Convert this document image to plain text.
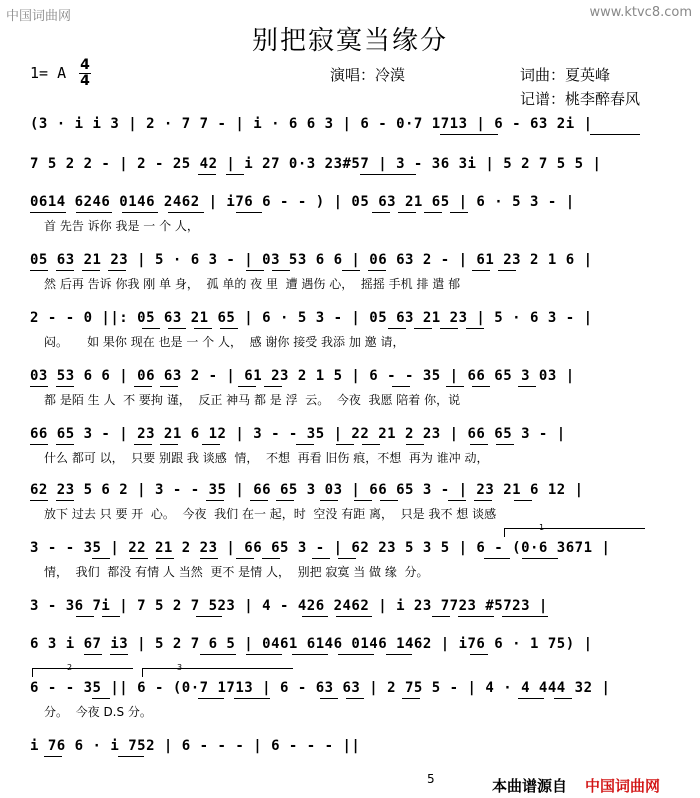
中国词曲网	www.ktvc8.com
别把寂寞当缘分
1= A 4
4	演唱：冷漠	词曲：夏英峰
记谱：桃李醉春风
(3 · i i 3 | 2 · 7 7 - | i · 6 6 3 | 6 - 0·7 1713 | 6 - 63 2i |
7 5 2 2 - | 2 - 25 42 | i 27 0·3 23#57 | 3 - 36 3i | 5 2 7 5 5 |
0614 6246 0146 2462 | i76 6 - - ) | 05 63 21 65 | 6 · 5 3 - |
首 先告 诉你 我是 一 个 人，
05 63 21 23 | 5 · 6 3 - | 03 53 6 6 | 06 63 2 - | 61 23 2 1 6 |
然 后再 告诉 你我 刚 单 身，  孤 单的 夜 里  遭 遇伤 心，  摇摇 手机 排 遣 郁
2 - - 0 ||: 05 63 21 65 | 6 · 5 3 - | 05 63 21 23 | 5 · 6 3 - |
闷。     如 果你 现在 也是 一 个 人，  感 谢你 接受 我添 加 邀 请，
03 53 6 6 | 06 63 2 - | 61 23 2 1 5 | 6 - - 35 | 66 65 3 03 |
都 是陌 生 人  不 要拘 谨，  反正 神马 都 是 浮  云。  今夜  我愿 陪着 你，说
66 65 3 - | 23 21 6 12 | 3 - - 35 | 22 21 2 23 | 66 65 3 - |
什么 都可 以，  只要 别跟 我 谈感  情，  不想  再看 旧伤 痕，不想  再为 谁冲 动，
62 23 5 6 2 | 3 - - 35 | 66 65 3 03 | 66 65 3 - | 23 21 6 12 |
放下 过去 只 要 开  心。  今夜  我们 在一 起，时  空没 有距 离，  只是 我不 想 谈感
1
3 - - 35 | 22 21 2 23 | 66 65 3 - | 62 23 5 3 5 | 6 - (0·6 3671 |
情，  我们  都没 有情 人 当然  更不 是情 人，  别把 寂寞 当 做 缘  分。
3 - 36 7i | 7 5 2 7 523 | 4 - 426 2462 | i 23 7723 #5723 |
6 3 i 67 i3 | 5 2 7 6 5 | 0461 6146 0146 1462 | i76 6 · 1 75) |
2	3
6 - - 35 || 6 - (0·7 1713 | 6 - 63 63 | 2 75 5 - | 4 · 4 444 32 |
分。  今夜 D.S 分。
i 76 6 · i 752 | 6 - - - | 6 - - - ||
5	本曲谱源自 中国词曲网
